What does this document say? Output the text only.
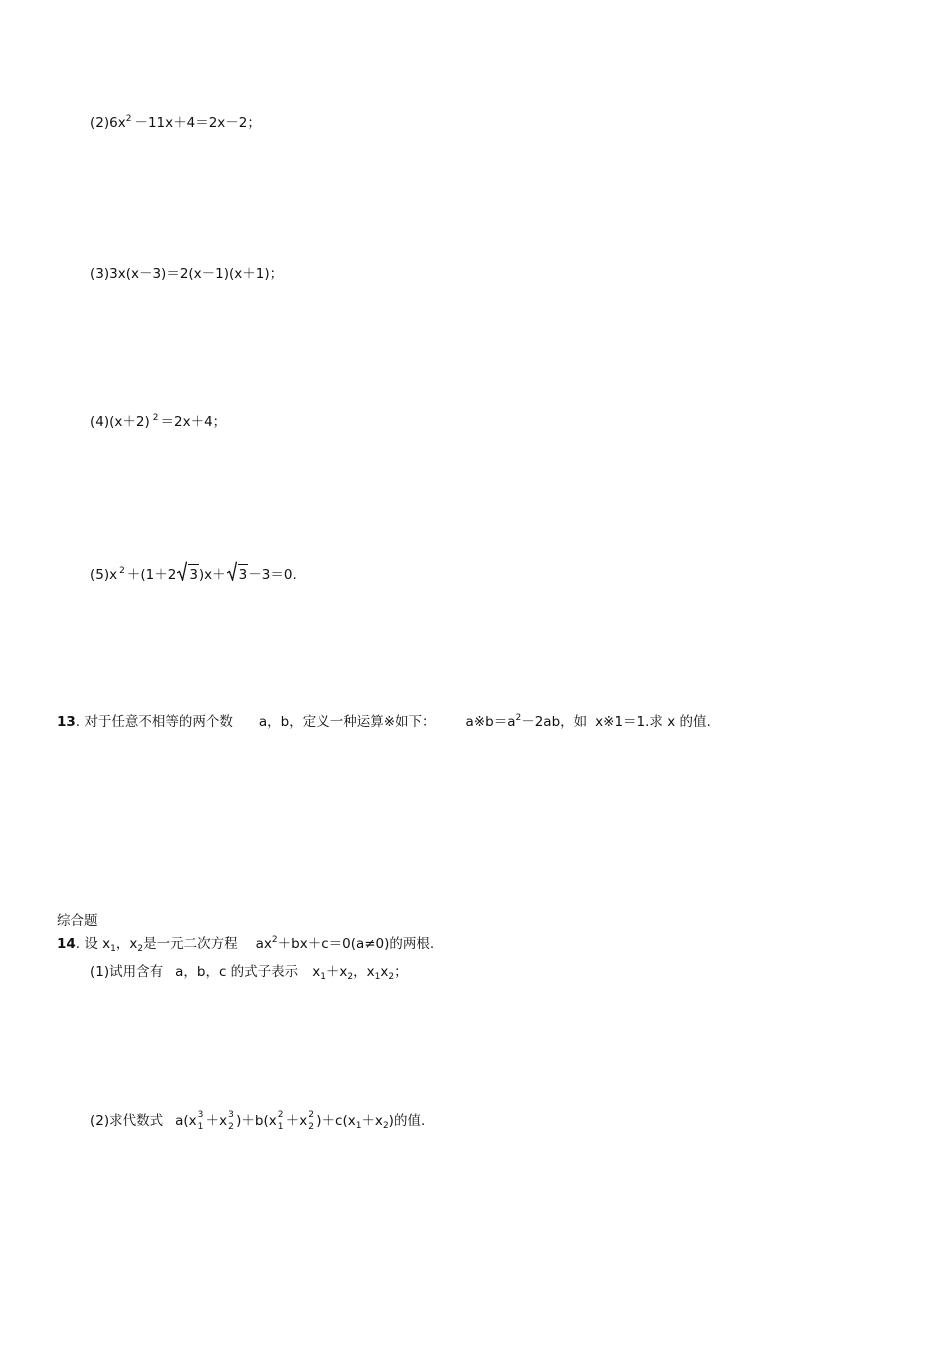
$(2)6x^2 -11x+4=2x-2$；
(3)3x(x－3)＝2(x－1)(x＋1)；
(4)(x＋2) $^2$ ＝2x＋4；
(5)x $^2$ ＋(1＋2 3)x＋ 3－3＝0.
13. 对于任意不相等的两个数 a，b，定义一种运算※如下： $a※b=a^2-2ab$，如 x※1＝1.求 x 的值.
综合题
14. 设 $x_1$，$x_2$是一元二次方程 $ax^2+bx+c=0(a\ne 0)$的两根.
(1)试用含有 a，b，c 的式子表示 $x_1+x_2$，$x_1x_2$；
(2)求代数式 a(x 3
1 ＋x 3
2 )＋b(x 2
1 ＋x 2
2 )$+c(x_1+x_2)$的值.
